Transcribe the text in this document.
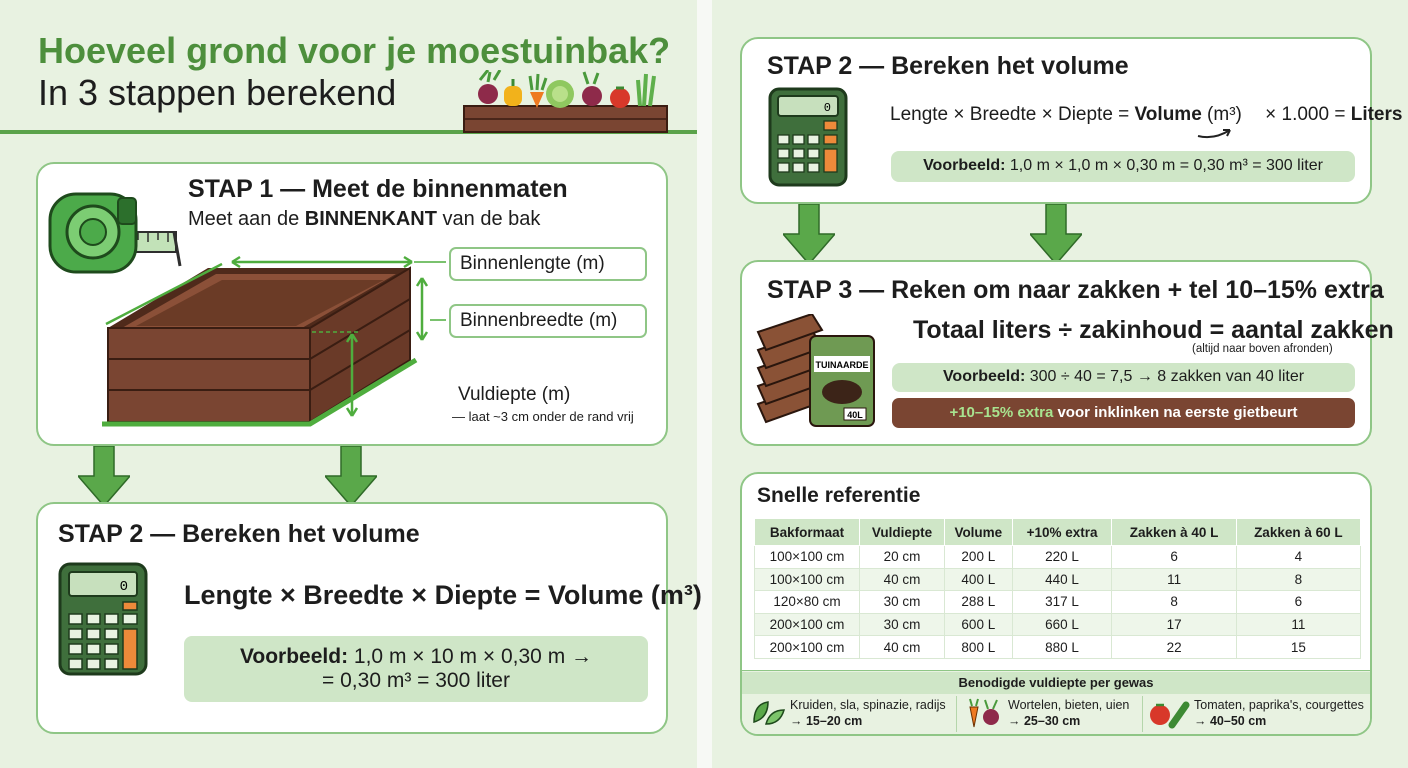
Hoeveel grond voor je moestuinbak?
In 3 stappen berekend
STAP 1 — Meet de binnenmaten
Meet aan de BINNENKANT van de bak
Binnenlengte (m)
Binnenbreedte (m)
Vuldiepte (m)
— laat ~3 cm onder de rand vrij
STAP 2 — Bereken het volume
0 Lengte × Breedte × Diepte = Volume (m³)
Voorbeeld: 1,0 m × 10 m × 0,30 m →
= 0,30 m³ = 300 liter
STAP 2 — Bereken het volume
0	Lengte × Breedte × Diepte = Volume (m³) × 1.000 = Liters
Voorbeeld: 1,0 m × 1,0 m × 0,30 m = 0,30 m³ = 300 liter
STAP 3 — Reken om naar zakken + tel 10–15% extra
TUINAARDE
40L
Totaal liters ÷ zakinhoud = aantal zakken
(altijd naar boven afronden)
Voorbeeld: 300 ÷ 40 = 7,5 → 8 zakken van 40 liter
+10–15% extra voor inklinken na eerste gietbeurt
Snelle referentie
Bakformaat	Vuldiepte	Volume	+10% extra	Zakken à 40 L	Zakken à 60 L
100×100 cm	20 cm	200 L	220 L	6	4
100×100 cm	40 cm	400 L	440 L	11	8
120×80 cm	30 cm	288 L	317 L	8	6
200×100 cm	30 cm	600 L	660 L	17	11
200×100 cm	40 cm	800 L	880 L	22	15
Benodigde vuldiepte per gewas
Kruiden, sla, spinazie, radijs
→ 15–20 cm
Wortelen, bieten, uien
→ 25–30 cm
Tomaten, paprika's, courgettes
→ 40–50 cm
